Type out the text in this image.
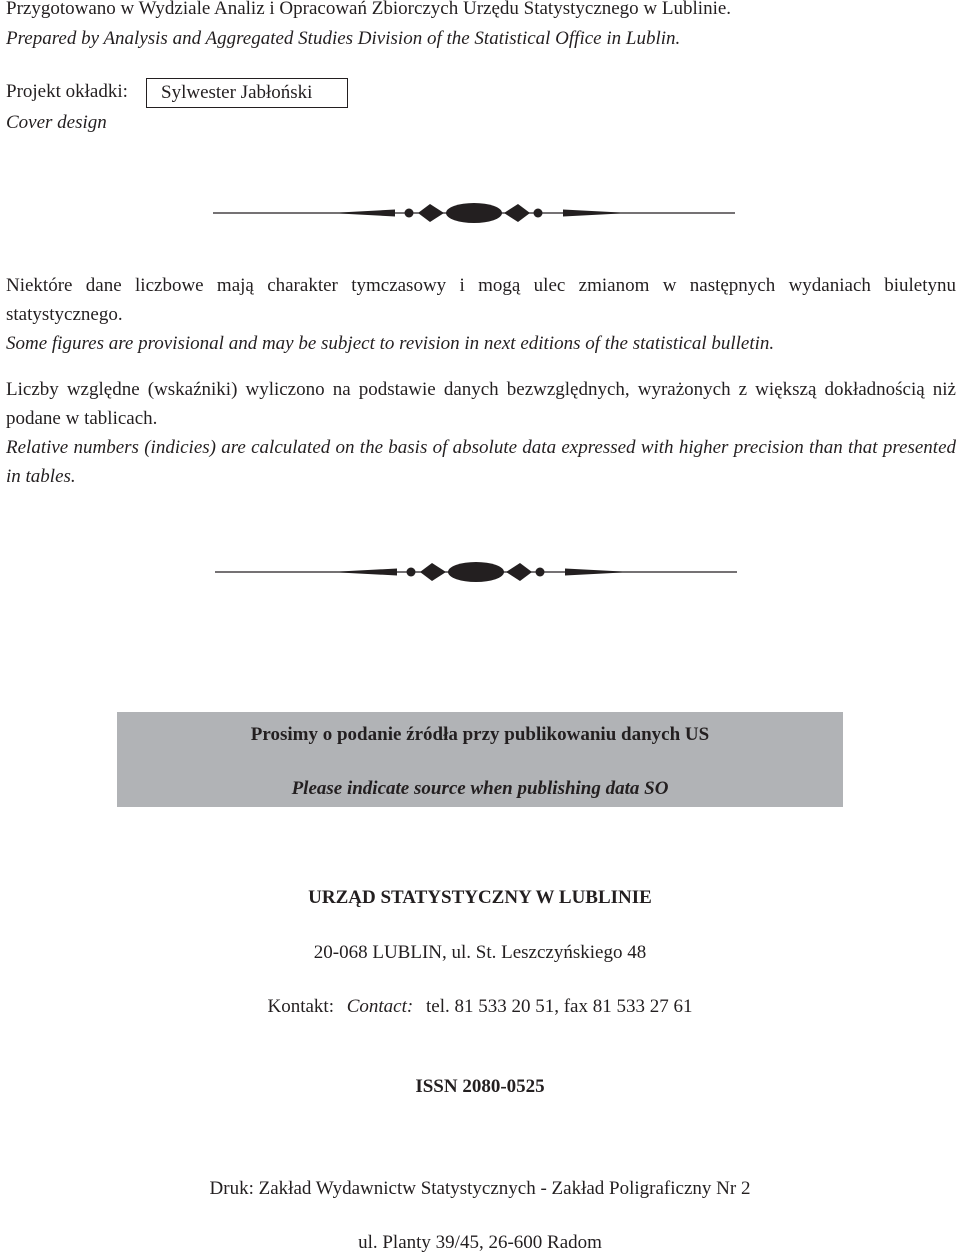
Przygotowano w Wydziale Analiz i Opracowań Zbiorczych Urzędu Statystycznego w Lublinie.
Prepared by Analysis and Aggregated Studies Division of the Statistical Office in Lublin.
Projekt okładki:	Sylwester Jabłoński
Cover design

Niektóre dane liczbowe mają charakter tymczasowy i mogą ulec zmianom w następnych wydaniach biuletynu statystycznego.

Some figures are provisional and may be subject to revision in next editions of the statistical bulletin.

Liczby względne (wskaźniki) wyliczono na podstawie danych bezwzględnych, wyrażonych z większą dokładnością niż podane w tablicach.

Relative numbers (indicies) are calculated on the basis of absolute data expressed with higher precision than that presented in tables.

Prosimy o podanie źródła przy publikowaniu danych US
Please indicate source when publishing data SO
URZĄD STATYSTYCZNY W LUBLINIE
20-068 LUBLIN, ul. St. Leszczyńskiego 48
Kontakt: Contact: tel. 81 533 20 51, fax 81 533 27 61
ISSN 2080-0525
Druk: Zakład Wydawnictw Statystycznych - Zakład Poligraficzny Nr 2
ul. Planty 39/45, 26-600 Radom
